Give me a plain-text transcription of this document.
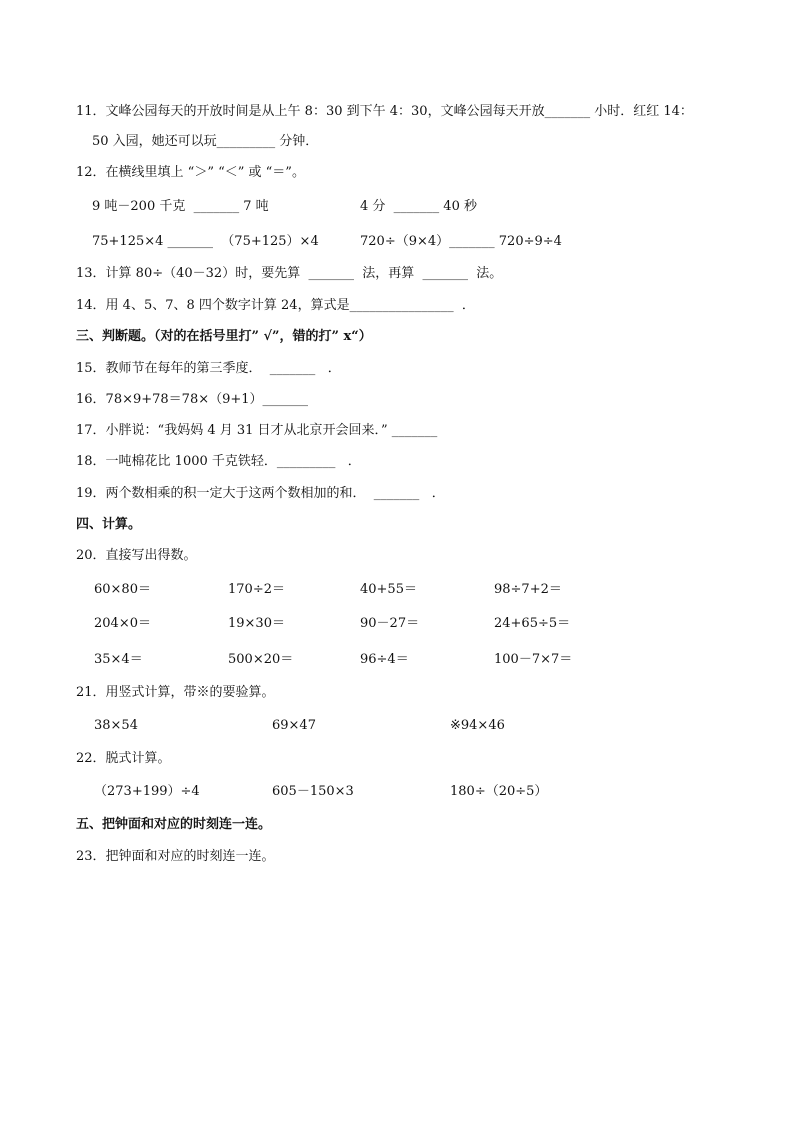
11．文峰公园每天的开放时间是从上午 8：30 到下午 4：30，文峰公园每天开放_______ 小时．红红 14：
50 入园，她还可以玩_________ 分钟．
12．在横线里填上 “＞” “＜” 或 “＝”。
9 吨－200 千克  _______ 7 吨	4 分  _______ 40 秒
75+125×4 _______  （75+125）×4	720÷（9×4）_______ 720÷9÷4
13．计算 80÷（40－32）时，要先算  _______  法，再算  _______  法。
14．用 4、5、7、8 四个数字计算 24，算式是________________  ．
三、判断题。（对的在括号里打” √”，错的打” x“）
15．教师节在每年的第三季度．  _______   ．
16．78×9+78＝78×（9+1）_______
17．小胖说：“我妈妈 4 月 31 日才从北京开会回来．” _______
18．一吨棉花比 1000 千克铁轻．_________   ．
19．两个数相乘的积一定大于这两个数相加的和．  _______   ．
四、计算。
20．直接写出得数。
60×80＝	170÷2＝	40+55＝	98÷7+2＝
204×0＝	19×30＝	90－27＝	24+65÷5＝
35×4＝	500×20＝	96÷4＝	100－7×7＝
21．用竖式计算，带※的要验算。
38×54	69×47	※94×46
22．脱式计算。
（273+199）÷4	605－150×3	180÷（20÷5）
五、把钟面和对应的时刻连一连。
23．把钟面和对应的时刻连一连。
